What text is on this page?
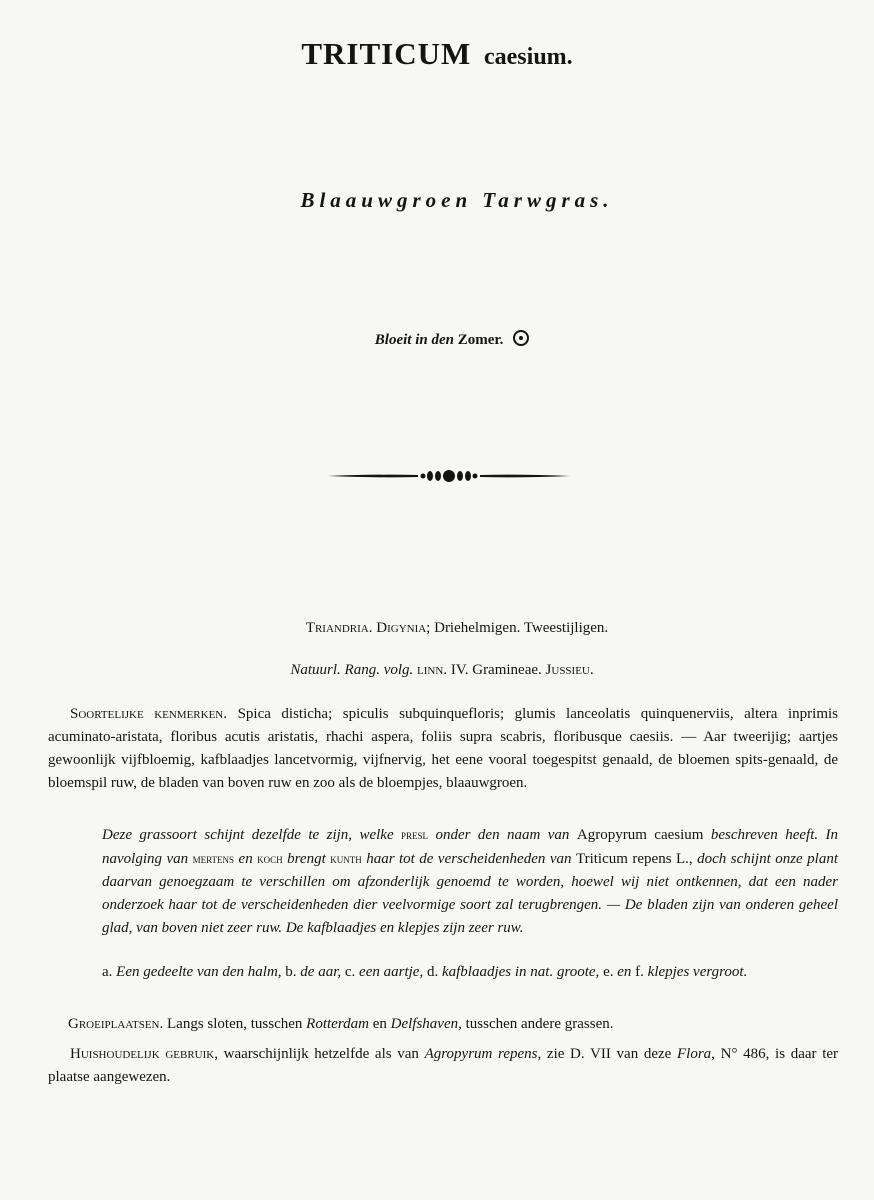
TRITICUM caesium.
Blaauwgroen Tarwgras.
Bloeit in den Zomer.
Triandria. Digynia; Driehelmigen. Tweestijligen.
Natuurl. Rang. volg. linn. IV. Gramineae. Jussieu.
Soortelijke kenmerken. Spica disticha; spiculis subquinquefloris; glumis lanceolatis quinquenerviis, altera inprimis acuminato-aristata, floribus acutis aristatis, rhachi aspera, foliis supra scabris, floribusque caesiis. — Aar tweerijig; aartjes gewoonlijk vijfbloemig, kafblaadjes lancetvormig, vijfnervig, het eene vooral toegespitst genaald, de bloemen spits-genaald, de bloemspil ruw, de bladen van boven ruw en zoo als de bloempjes, blaauwgroen.
Deze grassoort schijnt dezelfde te zijn, welke presl onder den naam van Agropyrum caesium beschreven heeft. In navolging van mertens en koch brengt kunth haar tot de verscheidenheden van Triticum repens L., doch schijnt onze plant daarvan genoegzaam te verschillen om afzonderlijk genoemd te worden, hoewel wij niet ontkennen, dat een nader onderzoek haar tot de verscheidenheden dier veelvormige soort zal terugbrengen. — De bladen zijn van onderen geheel glad, van boven niet zeer ruw. De kafblaadjes en klepjes zijn zeer ruw.
a. Een gedeelte van den halm, b. de aar, c. een aartje, d. kafblaadjes in nat. groote, e. en f. klepjes vergroot.
Groeiplaatsen. Langs sloten, tusschen Rotterdam en Delfshaven, tusschen andere grassen.
Huishoudelijk gebruik, waarschijnlijk hetzelfde als van Agropyrum repens, zie D. VII van deze Flora, N° 486, is daar ter plaatse aangewezen.
